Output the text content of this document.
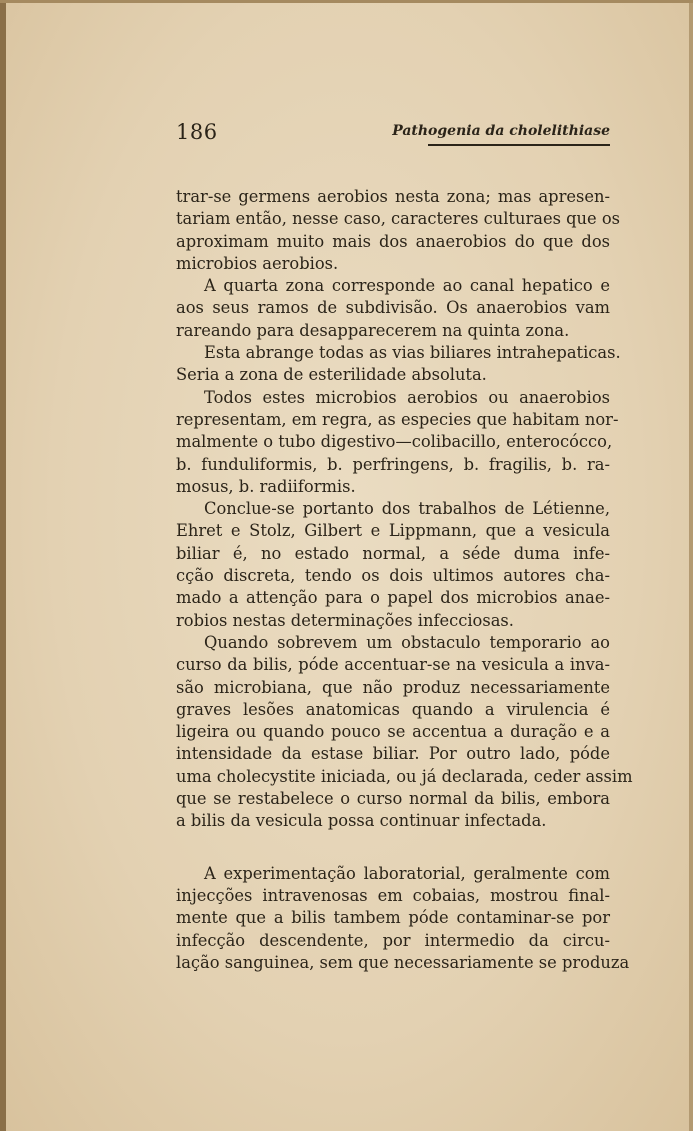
186	Pathogenia da cholelithiase
trar-se germens aerobios nesta zona; mas apresen-
tariam então, nesse caso, caracteres culturaes que os
aproximam muito mais dos anaerobios do que dos
microbios aerobios.
A quarta zona corresponde ao canal hepatico e
aos seus ramos de subdivisão. Os anaerobios vam
rareando para desapparecerem na quinta zona.
Esta abrange todas as vias biliares intrahepaticas.
Seria a zona de esterilidade absoluta.
Todos estes microbios aerobios ou anaerobios
representam, em regra, as especies que habitam nor-
malmente o tubo digestivo—colibacillo, enterocócco,
b. funduliformis, b. perfringens, b. fragilis, b. ra-
mosus, b. radiiformis.
Conclue-se portanto dos trabalhos de Létienne,
Ehret e Stolz, Gilbert e Lippmann, que a vesicula
biliar é, no estado normal, a séde duma infe-
cção discreta, tendo os dois ultimos autores cha-
mado a attenção para o papel dos microbios anae-
robios nestas determinações infecciosas.
Quando sobrevem um obstaculo temporario ao
curso da bilis, póde accentuar-se na vesicula a inva-
são microbiana, que não produz necessariamente
graves lesões anatomicas quando a virulencia é
ligeira ou quando pouco se accentua a duração e a
intensidade da estase biliar. Por outro lado, póde
uma cholecystite iniciada, ou já declarada, ceder assim
que se restabelece o curso normal da bilis, embora
a bilis da vesicula possa continuar infectada.
A experimentação laboratorial, geralmente com
injecções intravenosas em cobaias, mostrou final-
mente que a bilis tambem póde contaminar-se por
infecção descendente, por intermedio da circu-
lação sanguinea, sem que necessariamente se produza
